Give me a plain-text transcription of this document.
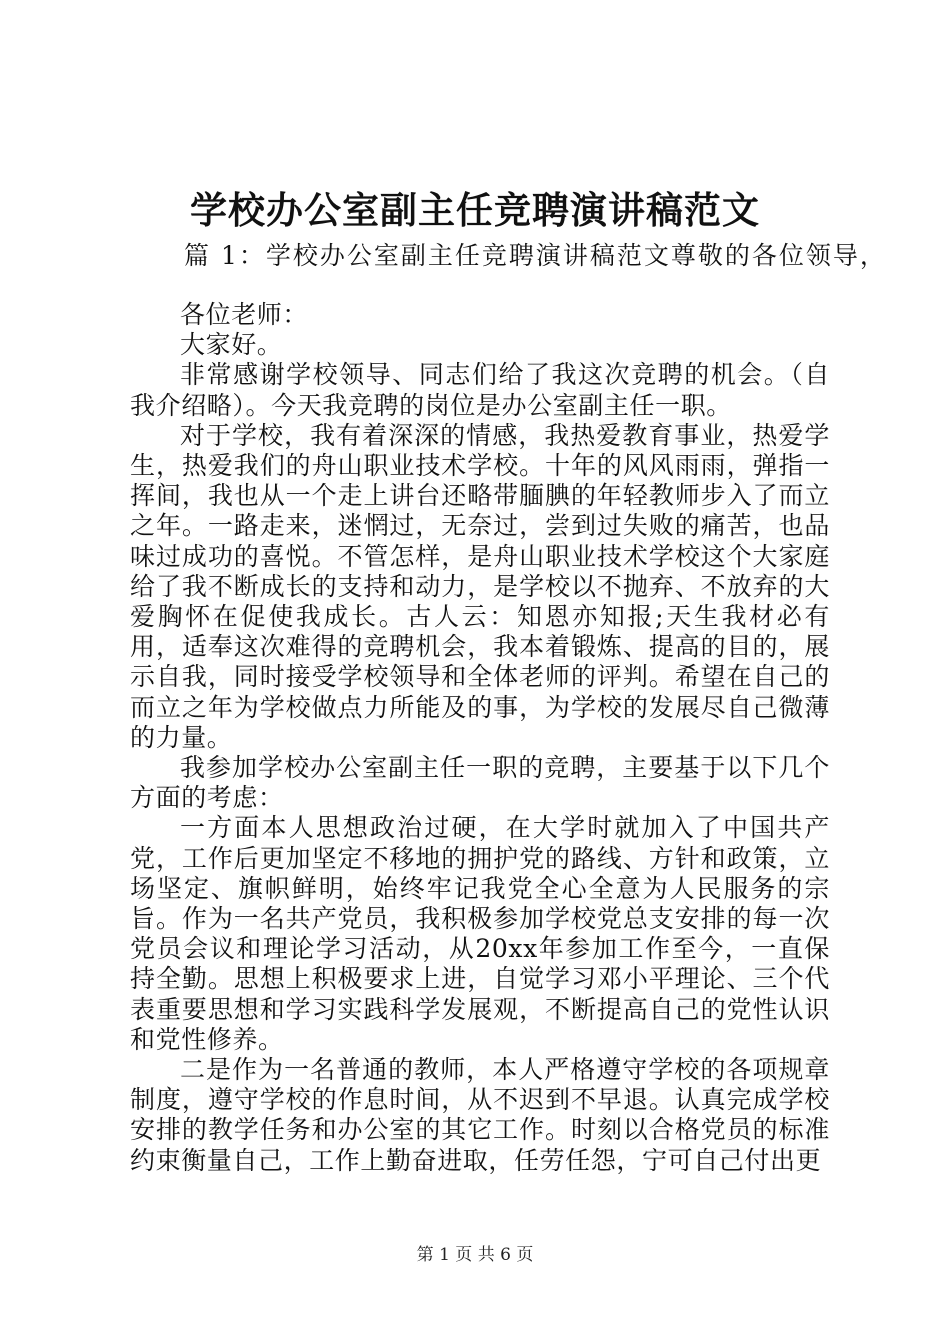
学校办公室副主任竞聘演讲稿范文
篇 1：学校办公室副主任竞聘演讲稿范文尊敬的各位领导，

各位老师：

大家好。

非常感谢学校领导、同志们给了我这次竞聘的机会。（自我介绍略）。今天我竞聘的岗位是办公室副主任一职。

对于学校，我有着深深的情感，我热爱教育事业，热爱学生，热爱我们的舟山职业技术学校。十年的风风雨雨，弹指一挥间，我也从一个走上讲台还略带腼腆的年轻教师步入了而立之年。一路走来，迷惘过，无奈过，尝到过失败的痛苦，也品味过成功的喜悦。不管怎样，是舟山职业技术学校这个大家庭给了我不断成长的支持和动力，是学校以不抛弃、不放弃的大爱胸怀在促使我成长。古人云：知恩亦知报;天生我材必有用，适奉这次难得的竞聘机会，我本着锻炼、提高的目的，展示自我，同时接受学校领导和全体老师的评判。希望在自己的而立之年为学校做点力所能及的事，为学校的发展尽自己微薄的力量。

我参加学校办公室副主任一职的竞聘，主要基于以下几个方面的考虑：

一方面本人思想政治过硬，在大学时就加入了中国共产党，工作后更加坚定不移地的拥护党的路线、方针和政策，立场坚定、旗帜鲜明，始终牢记我党全心全意为人民服务的宗旨。作为一名共产党员，我积极参加学校党总支安排的每一次党员会议和理论学习活动，从20xx年参加工作至今，一直保持全勤。思想上积极要求上进，自觉学习邓小平理论、三个代表重要思想和学习实践科学发展观，不断提高自己的党性认识和党性修养。

二是作为一名普通的教师，本人严格遵守学校的各项规章制度，遵守学校的作息时间，从不迟到不早退。认真完成学校安排的教学任务和办公室的其它工作。时刻以合格党员的标准约束衡量自己，工作上勤奋进取，任劳任怨，宁可自己付出更

第 1 页 共 6 页
